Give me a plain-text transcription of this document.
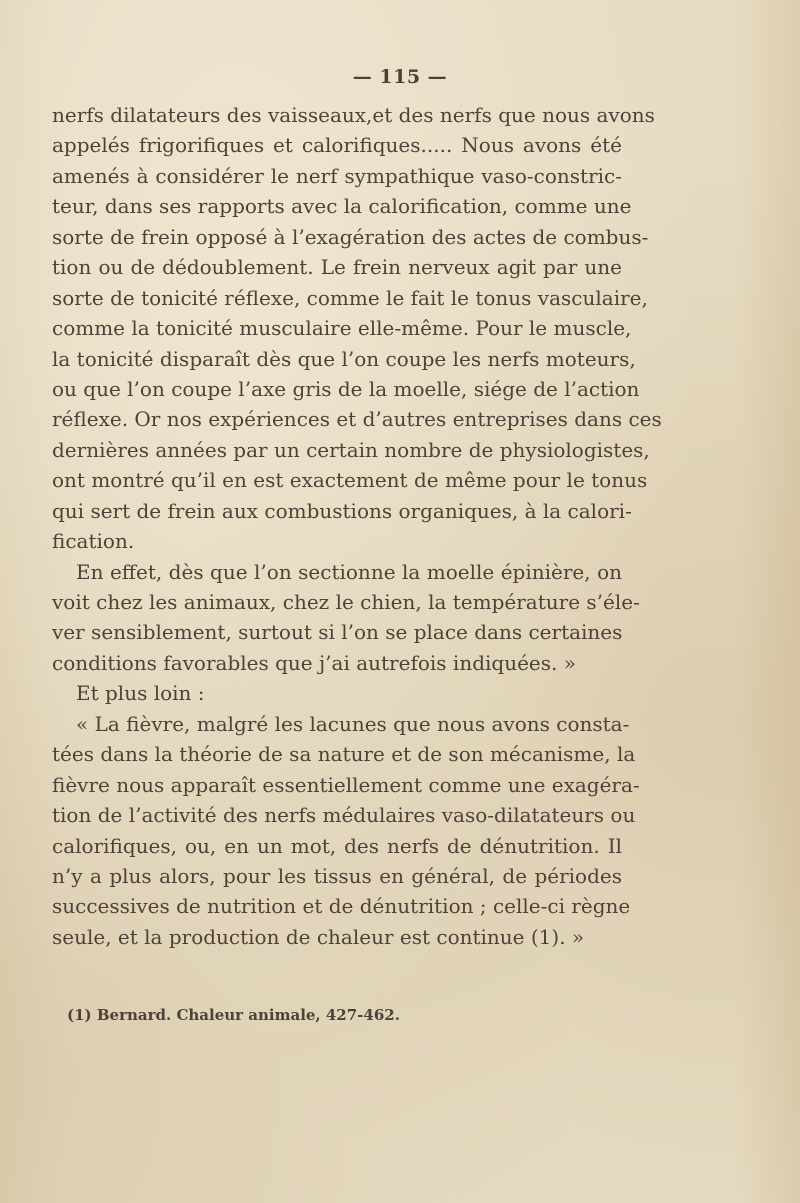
— 115 —
nerfs dilatateurs des vaisseaux,et des nerfs que nous avons
appelés frigorifiques et calorifiques..... Nous avons été
amenés à considérer le nerf sympathique vaso-constric-
teur, dans ses rapports avec la calorification, comme une
sorte de frein opposé à l’exagération des actes de combus-
tion ou de dédoublement. Le frein nerveux agit par une
sorte de tonicité réflexe, comme le fait le tonus vasculaire,
comme la tonicité musculaire elle-même. Pour le muscle,
la tonicité disparaît dès que l’on coupe les nerfs moteurs,
ou que l’on coupe l’axe gris de la moelle, siége de l’action
réflexe. Or nos expériences et d’autres entreprises dans ces
dernières années par un certain nombre de physiologistes,
ont montré qu’il en est exactement de même pour le tonus
qui sert de frein aux combustions organiques, à la calori-
fication.
En effet, dès que l’on sectionne la moelle épinière, on
voit chez les animaux, chez le chien, la température s’éle-
ver sensiblement, surtout si l’on se place dans certaines
conditions favorables que j’ai autrefois indiquées. »
Et plus loin :
« La fièvre, malgré les lacunes que nous avons consta-
tées dans la théorie de sa nature et de son mécanisme, la
fièvre nous apparaît essentiellement comme une exagéra-
tion de l’activité des nerfs médulaires vaso-dilatateurs ou
calorifiques, ou, en un mot, des nerfs de dénutrition. Il
n’y a plus alors, pour les tissus en général, de périodes
successives de nutrition et de dénutrition ; celle-ci règne
seule, et la production de chaleur est continue (1). »
(1) Bernard. Chaleur animale, 427-462.
